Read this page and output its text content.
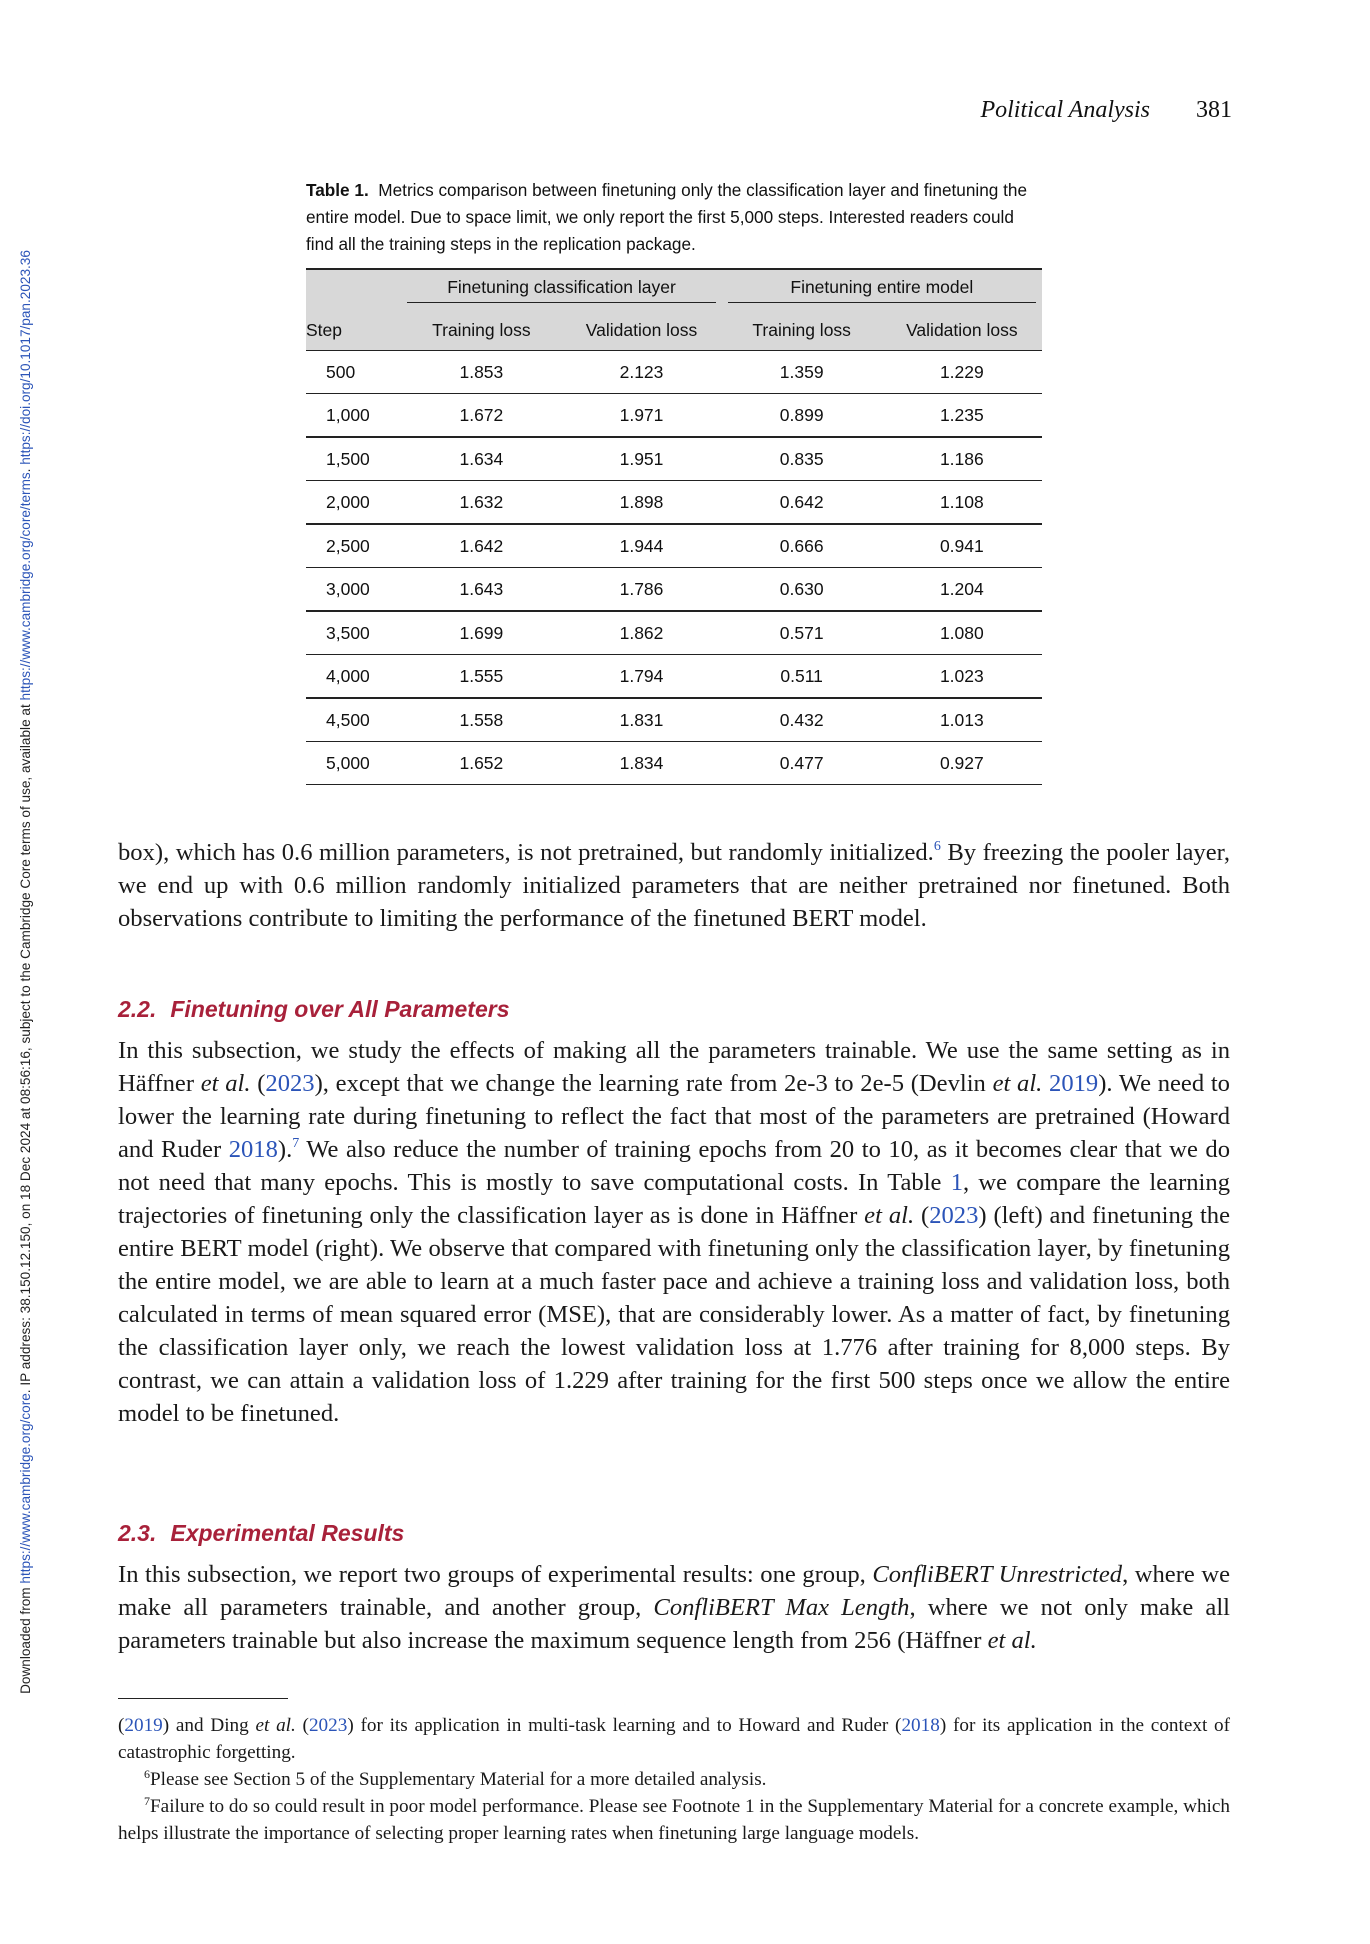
Downloaded from https://www.cambridge.org/core. IP address: 38.150.12.150, on 18 Dec 2024 at 08:56:16, subject to the Cambridge Core terms of use, available at https://www.cambridge.org/core/terms. https://doi.org/10.1017/pan.2023.36
Political Analysis 381
Table 1. Metrics comparison between finetuning only the classification layer and finetuning the entire model. Due to space limit, we only report the first 5,000 steps. Interested readers could find all the training steps in the replication package.

	Finetuning classification layer		Finetuning entire model	

Step	Training loss	Validation loss	Training loss	Validation loss
500	1.853	2.123	1.359	1.229
1,000	1.672	1.971	0.899	1.235
1,500	1.634	1.951	0.835	1.186
2,000	1.632	1.898	0.642	1.108
2,500	1.642	1.944	0.666	0.941
3,000	1.643	1.786	0.630	1.204
3,500	1.699	1.862	0.571	1.080
4,000	1.555	1.794	0.511	1.023
4,500	1.558	1.831	0.432	1.013
5,000	1.652	1.834	0.477	0.927
box), which has 0.6 million parameters, is not pretrained, but randomly initialized.$^6$ By freezing the pooler layer, we end up with 0.6 million randomly initialized parameters that are neither pretrained nor finetuned. Both observations contribute to limiting the performance of the finetuned BERT model.
2.2. Finetuning over All Parameters
In this subsection, we study the effects of making all the parameters trainable. We use the same setting as in Häffner et al. (2023), except that we change the learning rate from 2e-3 to 2e-5 (Devlin et al. 2019). We need to lower the learning rate during finetuning to reflect the fact that most of the parameters are pretrained (Howard and Ruder 2018).$^7$ We also reduce the number of training epochs from 20 to 10, as it becomes clear that we do not need that many epochs. This is mostly to save computational costs. In Table 1, we compare the learning trajectories of finetuning only the classification layer as is done in Häffner et al. (2023) (left) and finetuning the entire BERT model (right). We observe that compared with finetuning only the classification layer, by finetuning the entire model, we are able to learn at a much faster pace and achieve a training loss and validation loss, both calculated in terms of mean squared error (MSE), that are considerably lower. As a matter of fact, by finetuning the classification layer only, we reach the lowest validation loss at 1.776 after training for 8,000 steps. By contrast, we can attain a validation loss of 1.229 after training for the first 500 steps once we allow the entire model to be finetuned.
2.3. Experimental Results
In this subsection, we report two groups of experimental results: one group, ConfliBERT Unrestricted, where we make all parameters trainable, and another group, ConfliBERT Max Length, where we not only make all parameters trainable but also increase the maximum sequence length from 256 (Häffner et al.
(2019) and Ding et al. (2023) for its application in multi-task learning and to Howard and Ruder (2018) for its application in the context of catastrophic forgetting.
$^6$Please see Section 5 of the Supplementary Material for a more detailed analysis.
$^7$Failure to do so could result in poor model performance. Please see Footnote 1 in the Supplementary Material for a concrete example, which helps illustrate the importance of selecting proper learning rates when finetuning large language models.
